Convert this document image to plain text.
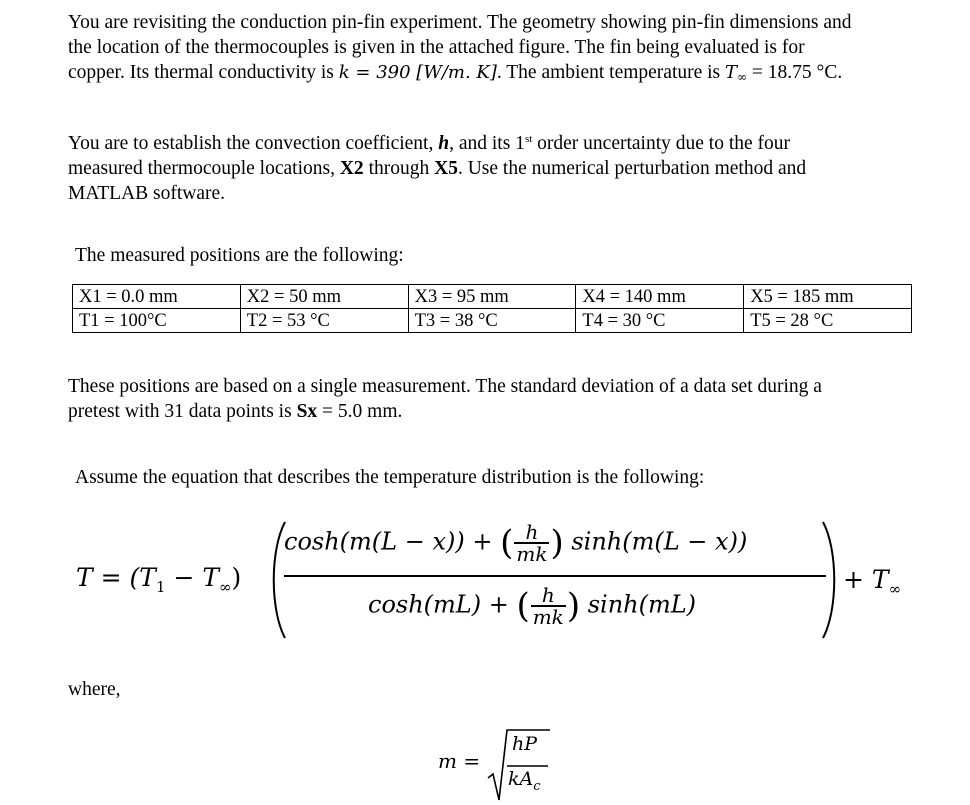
You are revisiting the conduction pin-fin experiment. The geometry showing pin-fin dimensions and
the location of the thermocouples is given in the attached figure. The fin being evaluated is for
copper. Its thermal conductivity is k = 390 [W/m. K]. The ambient temperature is $T_\infty = 18.75$ °C.
You are to establish the convection coefficient, h, and its 1st order uncertainty due to the four
measured thermocouple locations, X2 through X5. Use the numerical perturbation method and
MATLAB software.
The measured positions are the following:
X1 = 0.0 mm	X2 = 50 mm	X3 = 95 mm	X4 = 140 mm	X5 = 185 mm
T1 = 100°C	T2 = 53 °C	T3 = 38 °C	T4 = 30 °C	T5 = 28 °C
These positions are based on a single measurement. The standard deviation of a data set during a
pretest with 31 data points is Sx = 5.0 mm.
Assume the equation that describes the temperature distribution is the following:
$T = (T_1 - T_\infty)$
cosh(m(L − x)) + ( $\frac{h}{mk}$ ) sinh(m(L − x))
cosh(mL) + ( $\frac{h}{mk}$ ) sinh(mL)
+ $T_\infty$
where,
m =
hP
$kA_c$
